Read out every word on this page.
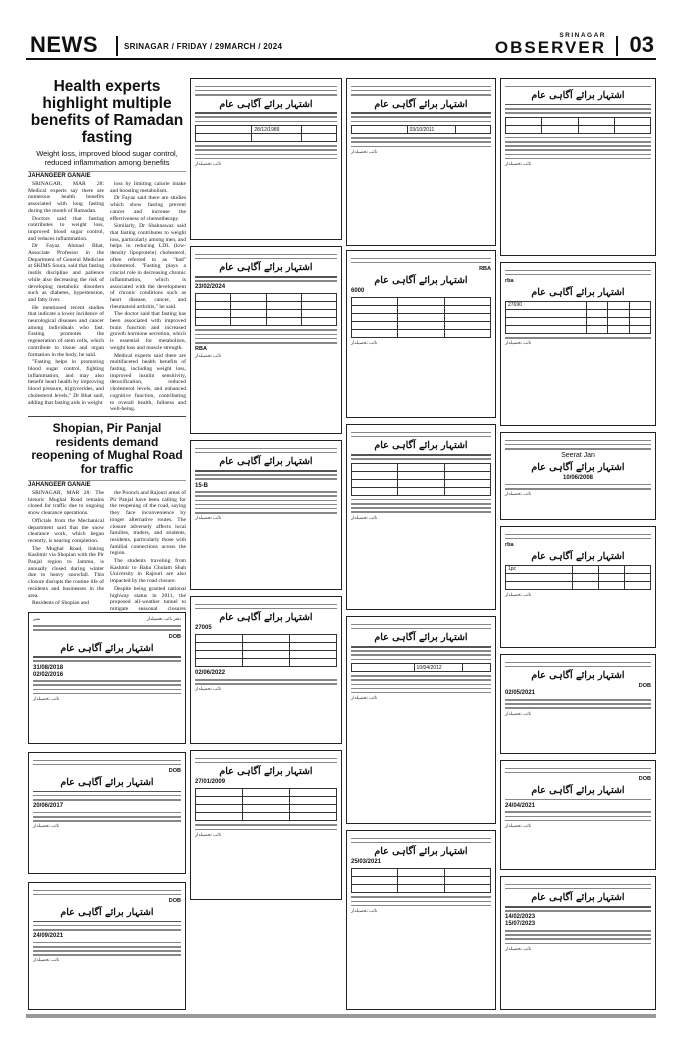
NEWS	SRINAGAR / FRIDAY / 29MARCH / 2024
SRINAGAR
OBSERVER 03
Health experts highlight multiple benefits of Ramadan fasting
Weight loss, improved blood sugar control, reduced inflammation among benefits
JAHANGEER GANAIE

SRINAGAR, MAR 28: Medical experts say there are numerous health benefits associated with long fasting during the month of Ramadan.

Doctors said that fasting contributes to weight loss, improved blood sugar control, and reduces inflammation.

Dr Fayaz Ahmad Bhat, Associate Professor in the Department of General Medicine at SKIMS Soura, said that fasting instils discipline and patience while also decreasing the risk of developing metabolic disorders such as diabetes, hypertension, and fatty liver.

He mentioned recent studies that indicate a lower incidence of neurological diseases and cancer among individuals who fast. Fasting promotes the regeneration of stem cells, which contribute to tissue and organ formation in the body, he said.

"Fasting helps in promoting blood sugar control, fighting inflammation, and may also benefit heart health by improving blood pressure, triglycerides, and cholesterol levels," Dr Bhat said, adding that fasting aids in weight

loss by limiting calorie intake and boosting metabolism.

Dr Fayaz said there are studies which show fasting prevent cancer and increase the effectiveness of chemotherapy.

Similarly, Dr Shahnawaz said that fasting contributes to weight loss, particularly among men, and helps in reducing LDL (low-density lipoprotein) cholesterol, often referred to as "bad" cholesterol. "Fasting plays a crucial role in decreasing chronic inflammation, which is associated with the development of chronic conditions such as heart disease, cancer, and rheumatoid arthritis," he said.

The doctor said that fasting has been associated with improved brain function and increased growth hormone secretion, which is essential for metabolism, weight loss and muscle strength.

Medical experts said there are multifaceted health benefits of fasting, including weight loss, improved insulin sensitivity, detoxification, reduced cholesterol levels, and enhanced cognitive function, contributing to overall health, fullness and well-being.

Shopian, Pir Panjal residents demand reopening of Mughal Road for traffic
JAHANGEER GANAIE

SRINAGAR, MAR 28: The historic Mughal Road remains closed for traffic due to ongoing snow clearance operations.

Officials from the Mechanical department said that the snow clearance work, which began recently, is nearing completion.

The Mughal Road, linking Kashmir via Shopian with the Pir Panjal region to Jammu, is annually closed during winter due to heavy snowfall. This closure disrupts the routine life of residents and businesses in the area.

Residents of Shopian and

the Poonch and Rajouri areas of Pir Panjal have been calling for the reopening of the road, saying they face inconvenience by longer alternative routes. The closure adversely affects local families, traders, and students, residents, particularly those with familial connections across the region.

The students traveling from Kashmir to Baba Ghulam Shah University in Rajouri are also impacted by the road closure.

Despite being granted national highway status in 2011, the proposed all-weather tunnel to mitigate seasonal closures

نمبر	دفتر نائب تحصیلدار
DOB
اشتہار برائے آگاہی عام
31/08/2018
02/02/2016
نائب تحصیلدار
DOB
اشتہار برائے آگاہی عام
20/06/2017
نائب تحصیلدار
DOB
اشتہار برائے آگاہی عام
24/09/2021
نائب تحصیلدار
اشتہار برائے آگاہی عام
	28/12/1989	

نائب تحصیلدار
اشتہار برائے آگاہی عام
23/02/2024

RBA
نائب تحصیلدار
اشتہار برائے آگاہی عام
15-B
نائب تحصیلدار
اشتہار برائے آگاہی عام
27005

02/06/2022
نائب تحصیلدار
اشتہار برائے آگاہی عام
27/01/2009

نائب تحصیلدار
اشتہار برائے آگاہی عام
	03/10/2011	
نائب تحصیلدار
RBA
اشتہار برائے آگاہی عام
6000

نائب تحصیلدار
اشتہار برائے آگاہی عام

نائب تحصیلدار
اشتہار برائے آگاہی عام
	10/04/2012	
نائب تحصیلدار
اشتہار برائے آگاہی عام
25/03/2021

نائب تحصیلدار
اشتہار برائے آگاہی عام

نائب تحصیلدار
rba
اشتہار برائے آگاہی عام
27690			

نائب تحصیلدار
Seerat Jan
اشتہار برائے آگاہی عام
10/06/2008
نائب تحصیلدار
rba
اشتہار برائے آگاہی عام
1pc			

نائب تحصیلدار
اشتہار برائے آگاہی عام
DOB
02/05/2021
نائب تحصیلدار
DOB
اشتہار برائے آگاہی عام
24/04/2021
نائب تحصیلدار
اشتہار برائے آگاہی عام
14/02/2023
15/07/2023
نائب تحصیلدار
